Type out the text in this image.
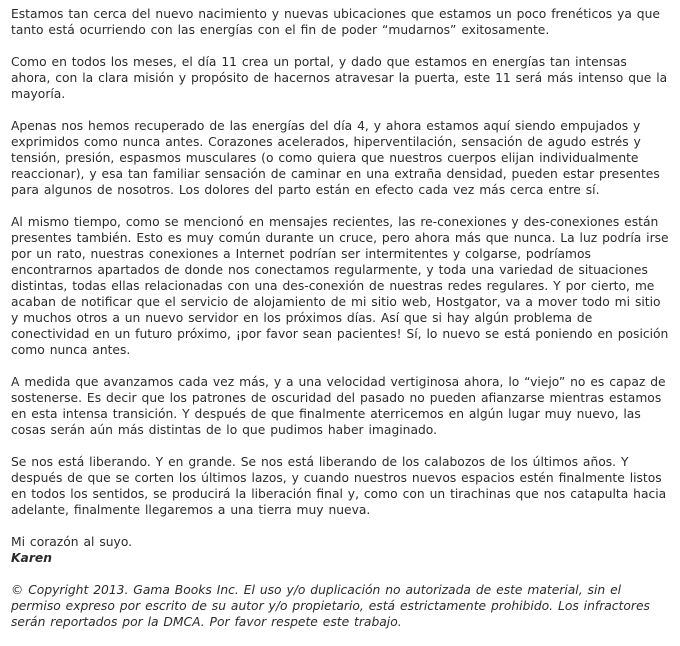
Estamos tan cerca del nuevo nacimiento y nuevas ubicaciones que estamos un poco frenéticos ya que tanto está ocurriendo con las energías con el fin de poder “mudarnos” exitosamente.

Como en todos los meses, el día 11 crea un portal, y dado que estamos en energías tan intensas ahora, con la clara misión y propósito de hacernos atravesar la puerta, este 11 será más intenso que la mayoría.

Apenas nos hemos recuperado de las energías del día 4, y ahora estamos aquí siendo empujados y exprimidos como nunca antes. Corazones acelerados, hiperventilación, sensación de agudo estrés y tensión, presión, espasmos musculares (o como quiera que nuestros cuerpos elijan individualmente reaccionar), y esa tan familiar sensación de caminar en una extraña densidad, pueden estar presentes para algunos de nosotros. Los dolores del parto están en efecto cada vez más cerca entre sí.

Al mismo tiempo, como se mencionó en mensajes recientes, las re-conexiones y des-conexiones están presentes también. Esto es muy común durante un cruce, pero ahora más que nunca. La luz podría irse por un rato, nuestras conexiones a Internet podrían ser intermitentes y colgarse, podríamos encontrarnos apartados de donde nos conectamos regularmente, y toda una variedad de situaciones distintas, todas ellas relacionadas con una des-conexión de nuestras redes regulares. Y por cierto, me acaban de notificar que el servicio de alojamiento de mi sitio web, Hostgator, va a mover todo mi sitio y muchos otros a un nuevo servidor en los próximos días. Así que si hay algún problema de conectividad en un futuro próximo, ¡por favor sean pacientes! Sí, lo nuevo se está poniendo en posición como nunca antes.

A medida que avanzamos cada vez más, y a una velocidad vertiginosa ahora, lo “viejo” no es capaz de sostenerse. Es decir que los patrones de oscuridad del pasado no pueden afianzarse mientras estamos en esta intensa transición. Y después de que finalmente aterricemos en algún lugar muy nuevo, las cosas serán aún más distintas de lo que pudimos haber imaginado.

Se nos está liberando. Y en grande. Se nos está liberando de los calabozos de los últimos años. Y después de que se corten los últimos lazos, y cuando nuestros nuevos espacios estén finalmente listos en todos los sentidos, se producirá la liberación final y, como con un tirachinas que nos catapulta hacia adelante, finalmente llegaremos a una tierra muy nueva.

Mi corazón al suyo.
Karen

© Copyright 2013. Gama Books Inc. El uso y/o duplicación no autorizada de este material, sin el permiso expreso por escrito de su autor y/o propietario, está estrictamente prohibido. Los infractores serán reportados por la DMCA. Por favor respete este trabajo.
